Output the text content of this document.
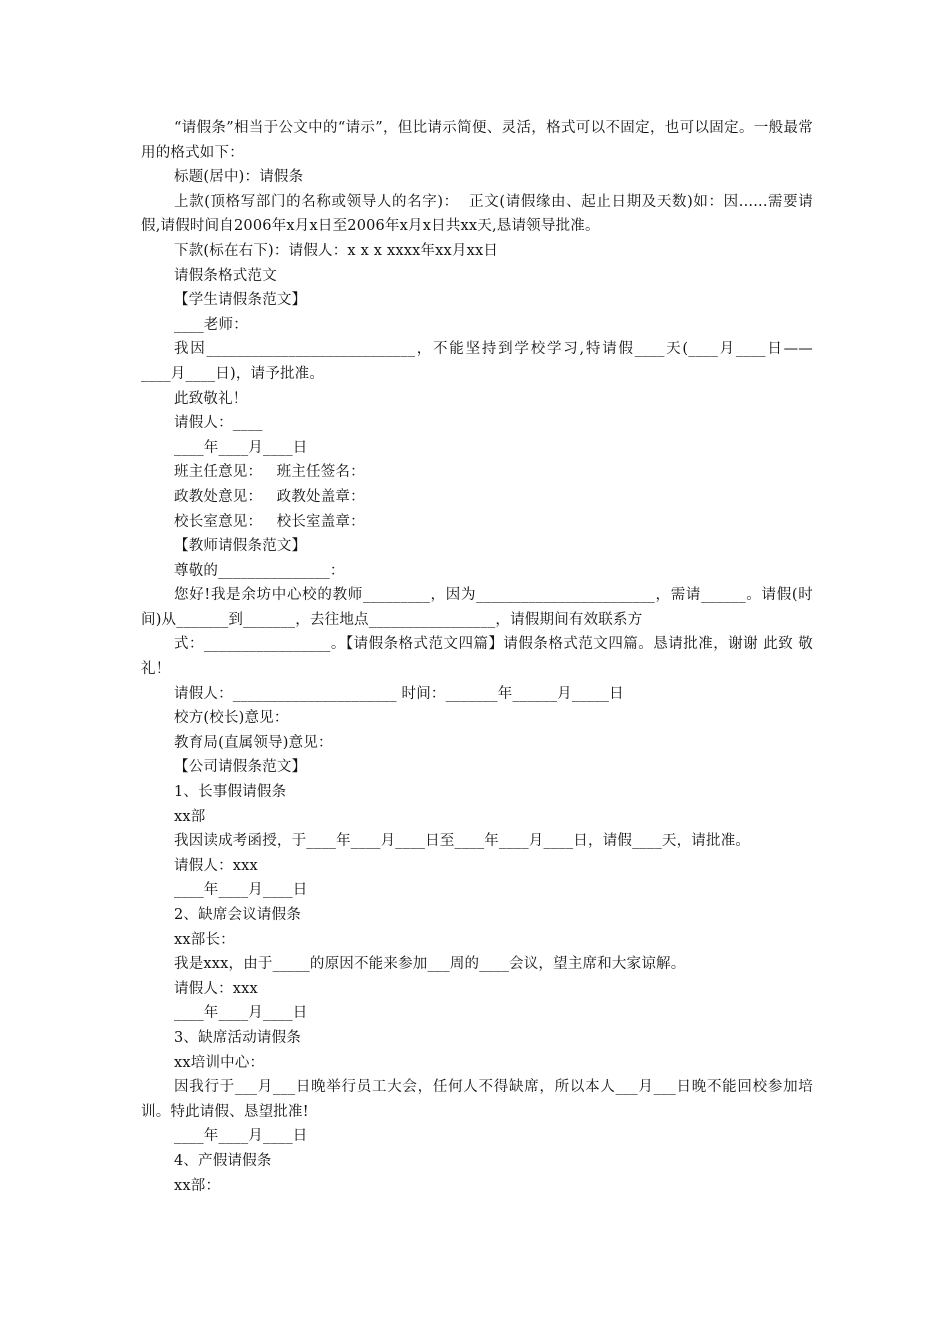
“请假条”相当于公文中的“请示”，但比请示简便、灵活，格式可以不固定，也可以固定。一般最常用的格式如下：

标题(居中)：请假条

上款(顶格写部门的名称或领导人的名字)：  正文(请假缘由、起止日期及天数)如：因......需要请假,请假时间自2006年x月x日至2006年x月x日共xx天,恳请领导批准。

下款(标在右下)：请假人：x x x xxxx年xx月xx日

请假条格式范文

【学生请假条范文】

____老师：

我因____________________________，不能坚持到学校学习,特请假____天(____月____日——  ____月____日)，请予批准。

此致敬礼！

请假人：____

____年____月____日

班主任意见：   班主任签名：

政教处意见：   政教处盖章：

校长室意见：   校长室盖章：

【教师请假条范文】

尊敬的_______________：

您好!我是余坊中心校的教师_________，因为________________________，需请______。请假(时间)从_______到_______，去往地点_________________，请假期间有效联系方

式：_________________。【请假条格式范文四篇】请假条格式范文四篇。恳请批准，谢谢 此致 敬礼！

请假人：______________________ 时间：_______年______月_____日

校方(校长)意见：

教育局(直属领导)意见：

【公司请假条范文】

1、长事假请假条

xx部

我因读成考函授，于____年____月____日至____年____月____日，请假____天，请批准。

请假人：xxx

____年____月____日

2、缺席会议请假条

xx部长：

我是xxx，由于_____的原因不能来参加___周的____会议，望主席和大家谅解。

请假人：xxx

____年____月____日

3、缺席活动请假条

xx培训中心：

因我行于___月___日晚举行员工大会，任何人不得缺席，所以本人___月___日晚不能回校参加培训。特此请假、恳望批准!

____年____月____日

4、产假请假条

xx部：
